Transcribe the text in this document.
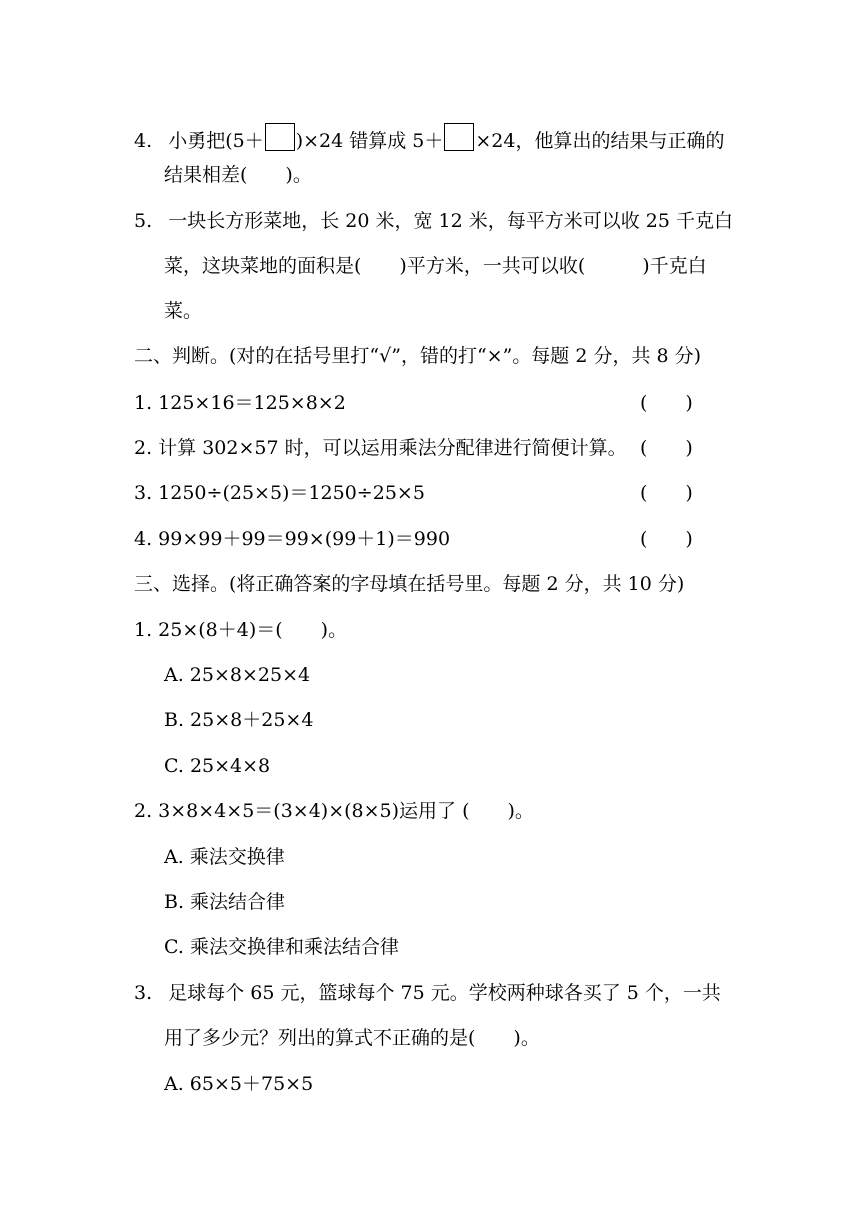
4. 小勇把(5＋ )×24 错算成 5＋ ×24，他算出的结果与正确的
结果相差(　　)。
5. 一块长方形菜地，长 20 米，宽 12 米，每平方米可以收 25 千克白
菜，这块菜地的面积是(　　)平方米，一共可以收(　　　)千克白
菜。
二、判断。(对的在括号里打“√”，错的打“×”。每题 2 分，共 8 分)
1. 125×16＝125×8×2	(　　)
2. 计算 302×57 时，可以运用乘法分配律进行简便计算。 (　　)
3. 1250÷(25×5)＝1250÷25×5	(　　)
4. 99×99＋99＝99×(99＋1)＝990	(　　)
三、选择。(将正确答案的字母填在括号里。每题 2 分，共 10 分)
1. 25×(8＋4)＝(　　)。
A. 25×8×25×4
B. 25×8＋25×4
C. 25×4×8
2. 3×8×4×5＝(3×4)×(8×5)运用了 (　　)。
A. 乘法交换律
B. 乘法结合律
C. 乘法交换律和乘法结合律
3. 足球每个 65 元，篮球每个 75 元。学校两种球各买了 5 个，一共
用了多少元？列出的算式不正确的是(　　)。
A. 65×5＋75×5
